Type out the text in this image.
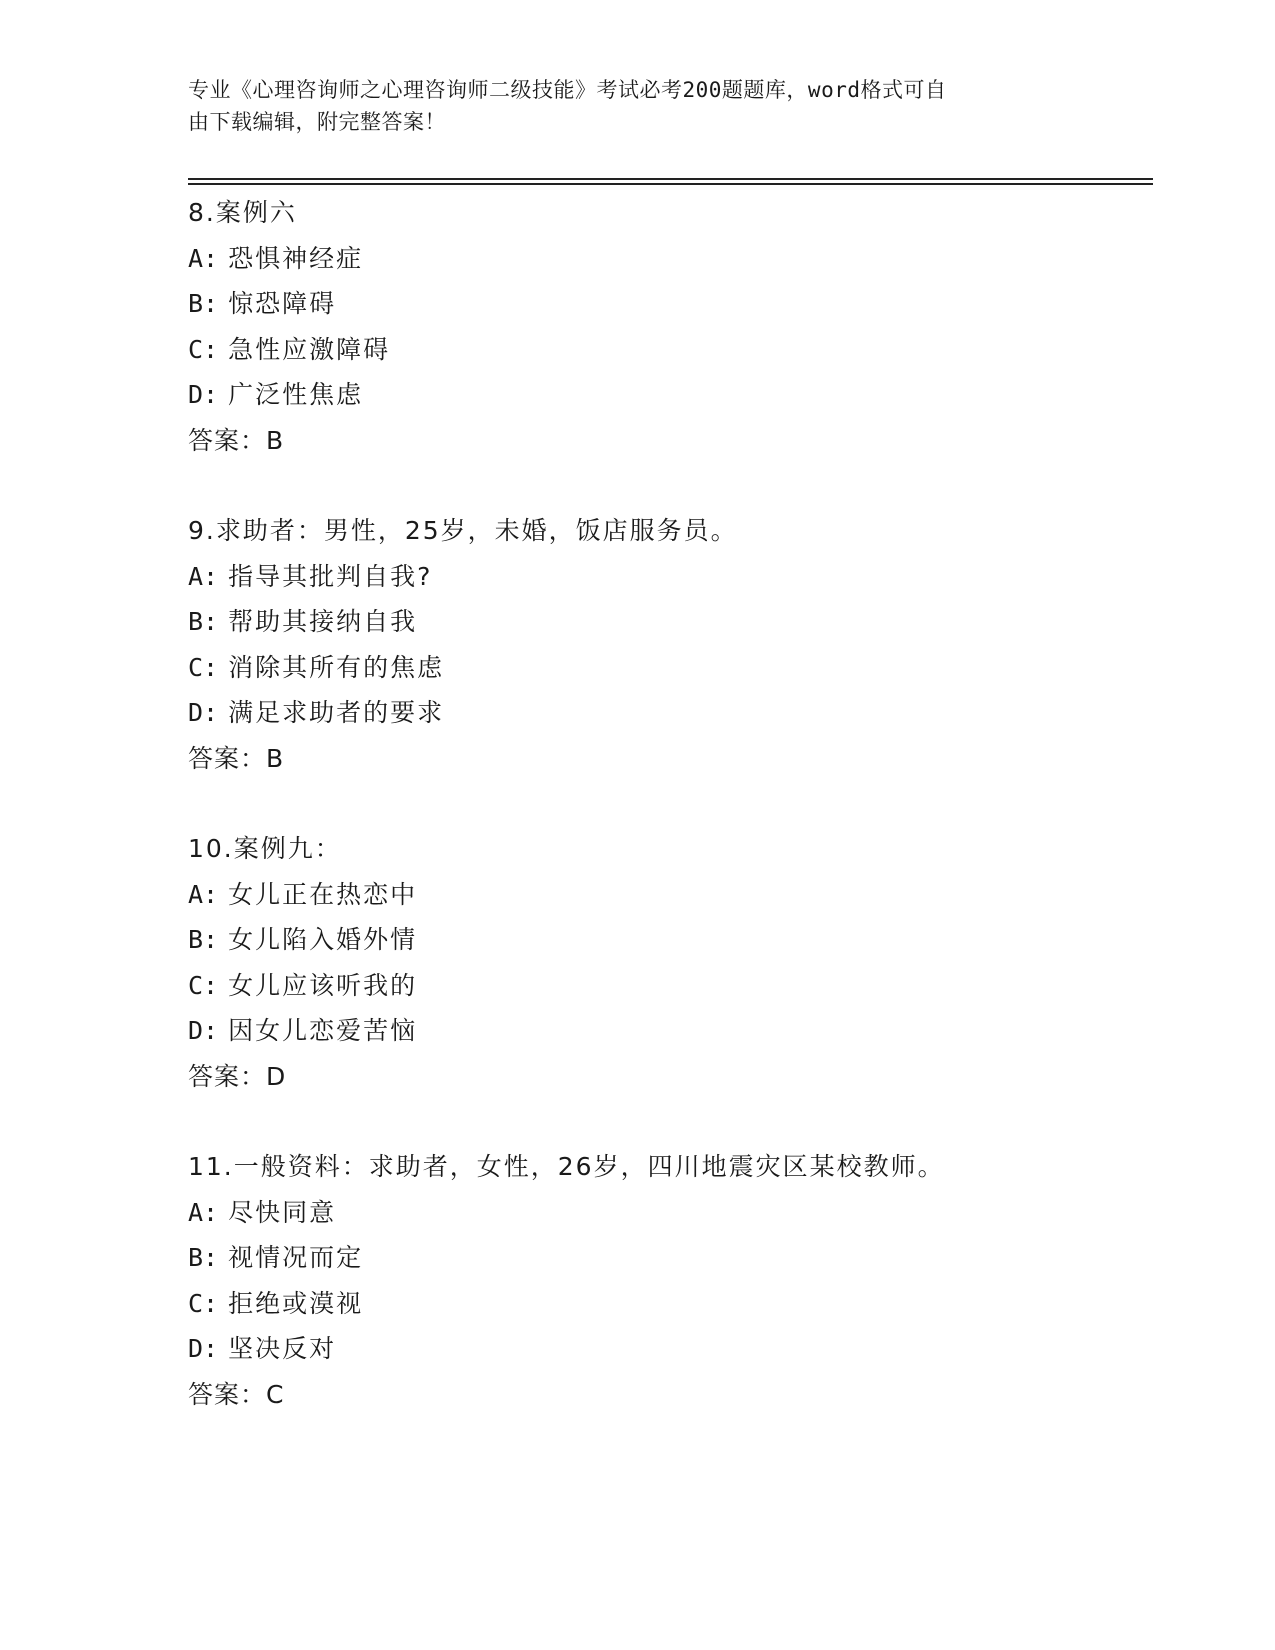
专业《心理咨询师之心理咨询师二级技能》考试必考200题题库，word格式可自
由下载编辑，附完整答案！
8.案例六
A: 恐惧神经症
B: 惊恐障碍
C: 急性应激障碍
D: 广泛性焦虑
答案：B
9.求助者：男性，25岁，未婚，饭店服务员。
A: 指导其批判自我?
B: 帮助其接纳自我
C: 消除其所有的焦虑
D: 满足求助者的要求
答案：B
10.案例九：
A: 女儿正在热恋中
B: 女儿陷入婚外情
C: 女儿应该听我的
D: 因女儿恋爱苦恼
答案：D
11.一般资料：求助者，女性，26岁，四川地震灾区某校教师。
A: 尽快同意
B: 视情况而定
C: 拒绝或漠视
D: 坚决反对
答案：C
